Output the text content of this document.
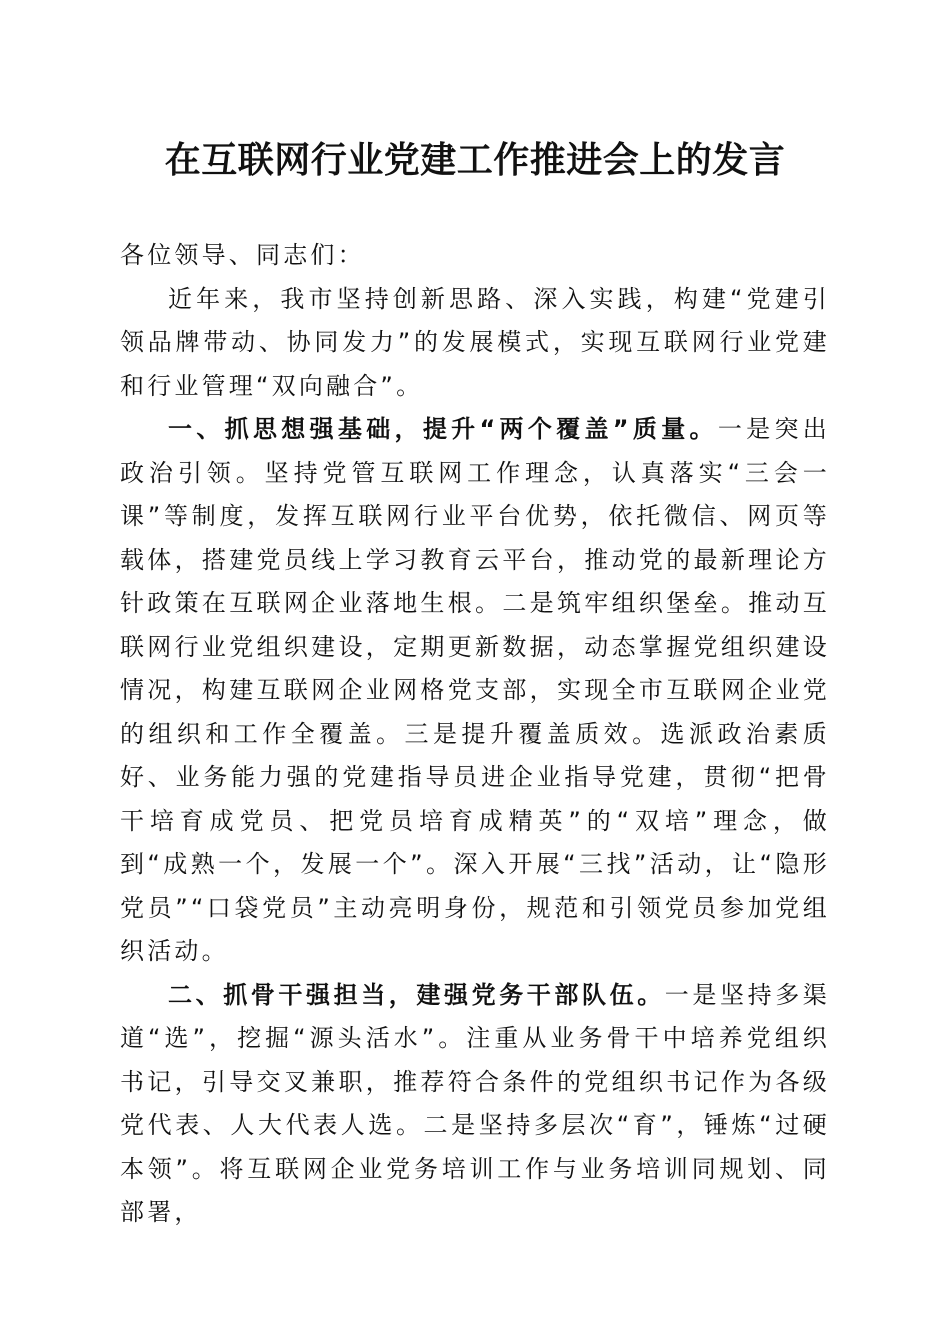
在互联网行业党建工作推进会上的发言

各位领导、同志们：

近年来，我市坚持创新思路、深入实践，构建“党建引领品牌带动、协同发力”的发展模式，实现互联网行业党建和行业管理“双向融合”。

一、抓思想强基础，提升“两个覆盖”质量。一是突出政治引领。坚持党管互联网工作理念，认真落实“三会一课”等制度，发挥互联网行业平台优势，依托微信、网页等载体，搭建党员线上学习教育云平台，推动党的最新理论方针政策在互联网企业落地生根。二是筑牢组织堡垒。推动互联网行业党组织建设，定期更新数据，动态掌握党组织建设情况，构建互联网企业网格党支部，实现全市互联网企业党的组织和工作全覆盖。三是提升覆盖质效。选派政治素质好、业务能力强的党建指导员进企业指导党建，贯彻“把骨干培育成党员、把党员培育成精英”的“双培”理念，做到“成熟一个，发展一个”。深入开展“三找”活动，让“隐形党员”“口袋党员”主动亮明身份，规范和引领党员参加党组织活动。

二、抓骨干强担当，建强党务干部队伍。一是坚持多渠道“选”，挖掘“源头活水”。注重从业务骨干中培养党组织书记，引导交叉兼职，推荐符合条件的党组织书记作为各级党代表、人大代表人选。二是坚持多层次“育”，锤炼“过硬本领”。将互联网企业党务培训工作与业务培训同规划、同部署，
